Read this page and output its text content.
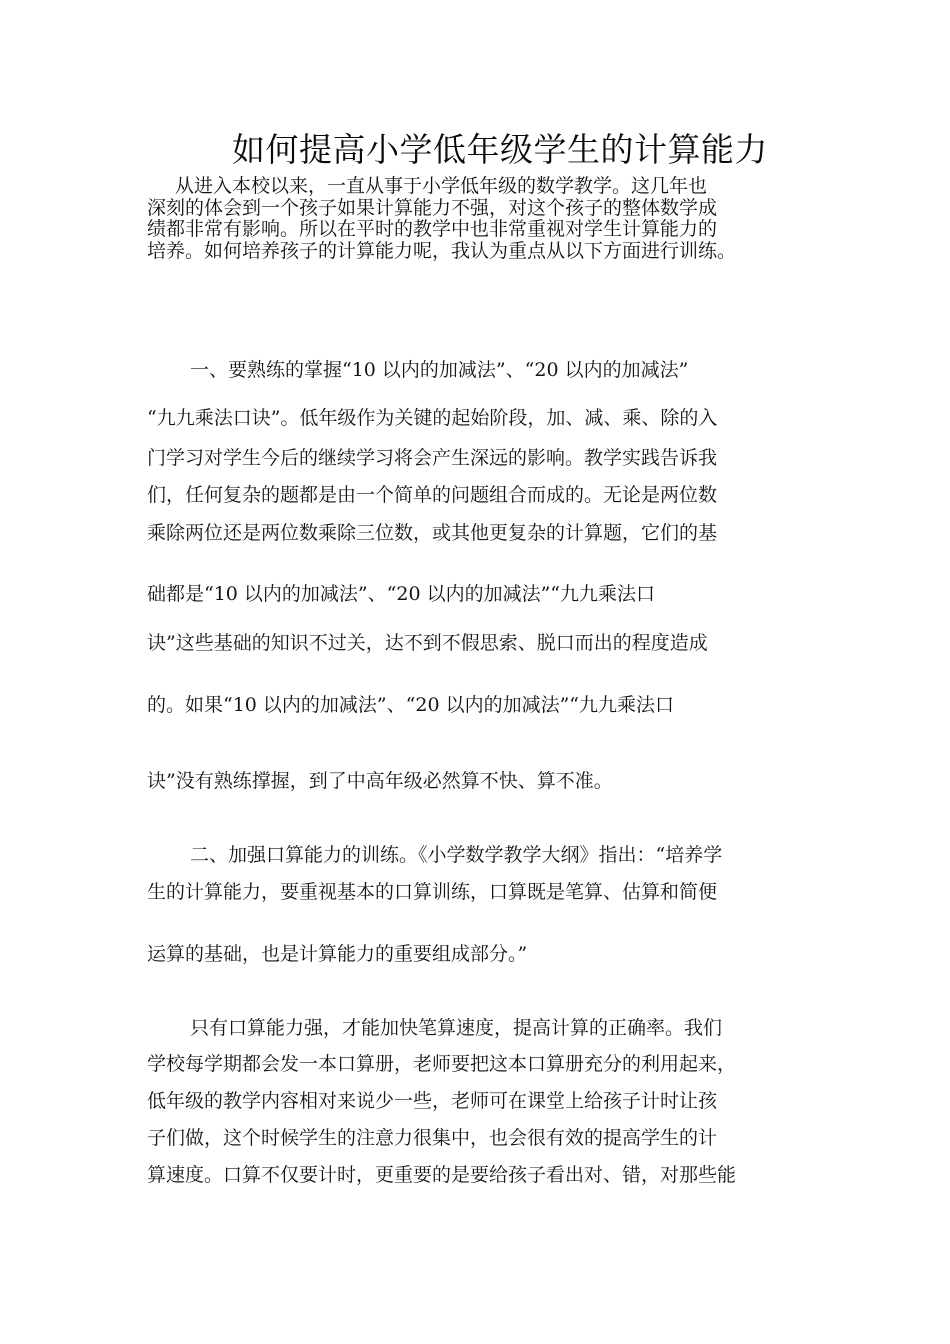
如何提高小学低年级学生的计算能力
从进入本校以来，一直从事于小学低年级的数学教学。这几年也
深刻的体会到一个孩子如果计算能力不强，对这个孩子的整体数学成
绩都非常有影响。所以在平时的教学中也非常重视对学生计算能力的
培养。如何培养孩子的计算能力呢，我认为重点从以下方面进行训练。
一、要熟练的掌握“10 以内的加减法”、“20 以内的加减法”
“九九乘法口诀”。低年级作为关键的起始阶段，加、减、乘、除的入
门学习对学生今后的继续学习将会产生深远的影响。教学实践告诉我
们，任何复杂的题都是由一个简单的问题组合而成的。无论是两位数
乘除两位还是两位数乘除三位数，或其他更复杂的计算题，它们的基
础都是“10 以内的加减法”、“20 以内的加减法”“九九乘法口
诀”这些基础的知识不过关，达不到不假思索、脱口而出的程度造成
的。如果“10 以内的加减法”、“20 以内的加减法”“九九乘法口
诀”没有熟练撑握，到了中高年级必然算不快、算不准。
二、加强口算能力的训练。《小学数学教学大纲》指出：“培养学
生的计算能力，要重视基本的口算训练，口算既是笔算、估算和简便
运算的基础，也是计算能力的重要组成部分。”
只有口算能力强，才能加快笔算速度，提高计算的正确率。我们
学校每学期都会发一本口算册，老师要把这本口算册充分的利用起来，
低年级的教学内容相对来说少一些，老师可在课堂上给孩子计时让孩
子们做，这个时候学生的注意力很集中，也会很有效的提高学生的计
算速度。口算不仅要计时，更重要的是要给孩子看出对、错，对那些能
